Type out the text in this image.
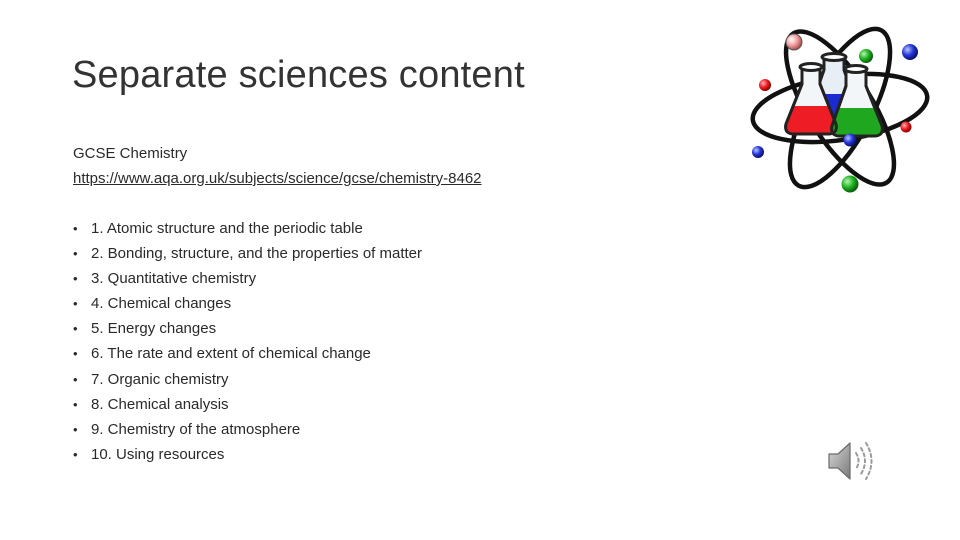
Separate sciences content
GCSE Chemistry
https://www.aqa.org.uk/subjects/science/gcse/chemistry-8462
• 1. Atomic structure and the periodic table
• 2. Bonding, structure, and the properties of matter
• 3. Quantitative chemistry
• 4. Chemical changes
• 5. Energy changes
• 6. The rate and extent of chemical change
• 7. Organic chemistry
• 8. Chemical analysis
• 9. Chemistry of the atmosphere
• 10. Using resources
